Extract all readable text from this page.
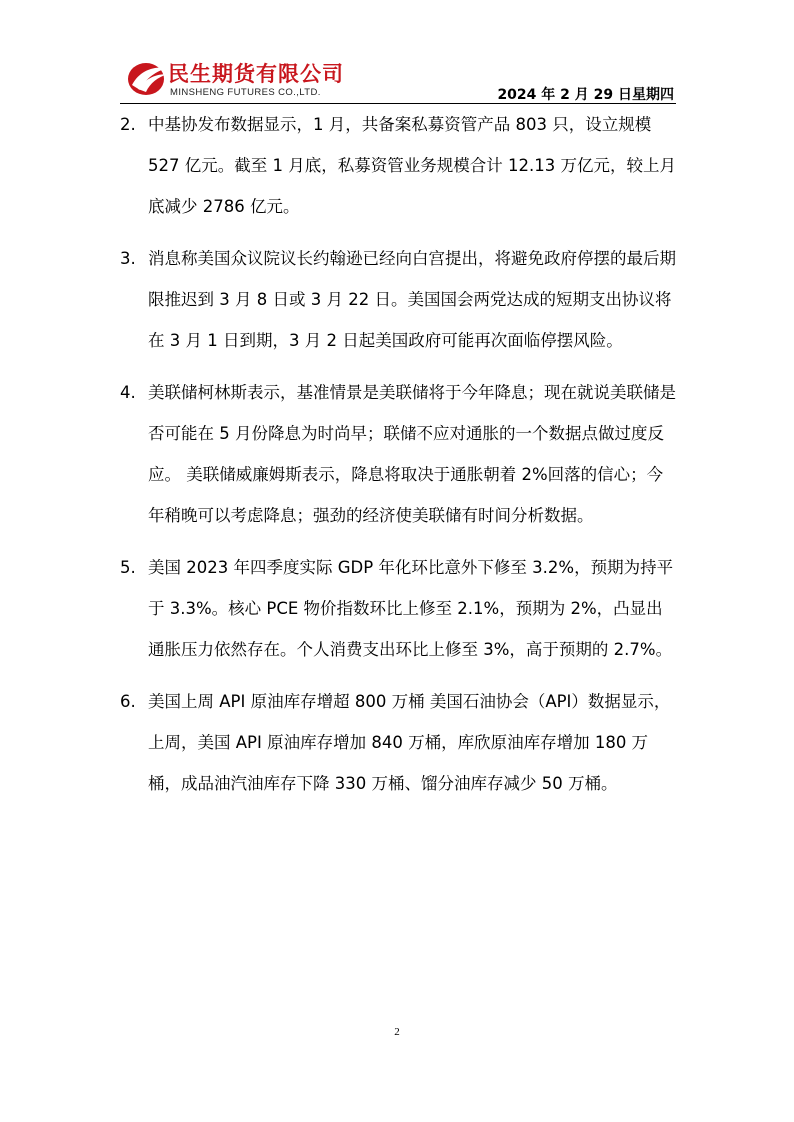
民生期货有限公司
MINSHENG FUTURES CO.,LTD.	2024 年 2 月 29 日星期四
2. 中基协发布数据显示，1 月，共备案私募资管产品 803 只，设立规模 527 亿元。截至 1 月底，私募资管业务规模合计 12.13 万亿元，较上月底减少 2786 亿元。
3. 消息称美国众议院议长约翰逊已经向白宫提出，将避免政府停摆的最后期限推迟到 3 月 8 日或 3 月 22 日。美国国会两党达成的短期支出协议将在 3 月 1 日到期，3 月 2 日起美国政府可能再次面临停摆风险。
4. 美联储柯林斯表示，基准情景是美联储将于今年降息；现在就说美联储是否可能在 5 月份降息为时尚早；联储不应对通胀的一个数据点做过度反应。 美联储威廉姆斯表示，降息将取决于通胀朝着 2%回落的信心；今年稍晚可以考虑降息；强劲的经济使美联储有时间分析数据。
5. 美国 2023 年四季度实际 GDP 年化环比意外下修至 3.2%，预期为持平于 3.3%。核心 PCE 物价指数环比上修至 2.1%，预期为 2%，凸显出通胀压力依然存在。个人消费支出环比上修至 3%，高于预期的 2.7%。
6. 美国上周 API 原油库存增超 800 万桶 美国石油协会（API）数据显示，上周，美国 API 原油库存增加 840 万桶，库欣原油库存增加 180 万桶，成品油汽油库存下降 330 万桶、馏分油库存减少 50 万桶。
2
